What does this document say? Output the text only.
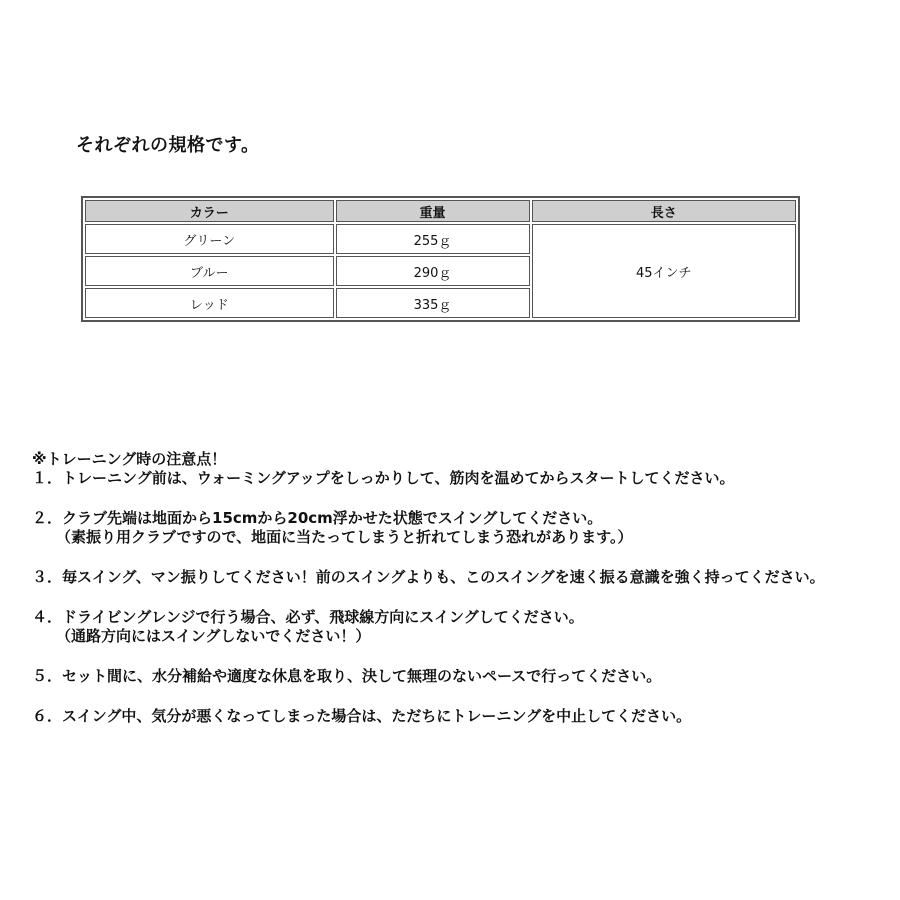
それぞれの規格です。
カラー	重量	長さ
グリーン	255ｇ	45インチ
ブルー	290ｇ	
レッド	335ｇ	

※トレーニング時の注意点！

１．トレーニング前は、ウォーミングアップをしっかりして、筋肉を温めてからスタートしてください。
２．クラブ先端は地面から15cmから20cm浮かせた状態でスイングしてください。
（素振り用クラブですので、地面に当たってしまうと折れてしまう恐れがあります。）
３．毎スイング、マン振りしてください！前のスイングよりも、このスイングを速く振る意識を強く持ってください。
４．ドライビングレンジで行う場合、必ず、飛球線方向にスイングしてください。
（通路方向にはスイングしないでください！）
５．セット間に、水分補給や適度な休息を取り、決して無理のないペースで行ってください。
６．スイング中、気分が悪くなってしまった場合は、ただちにトレーニングを中止してください。
